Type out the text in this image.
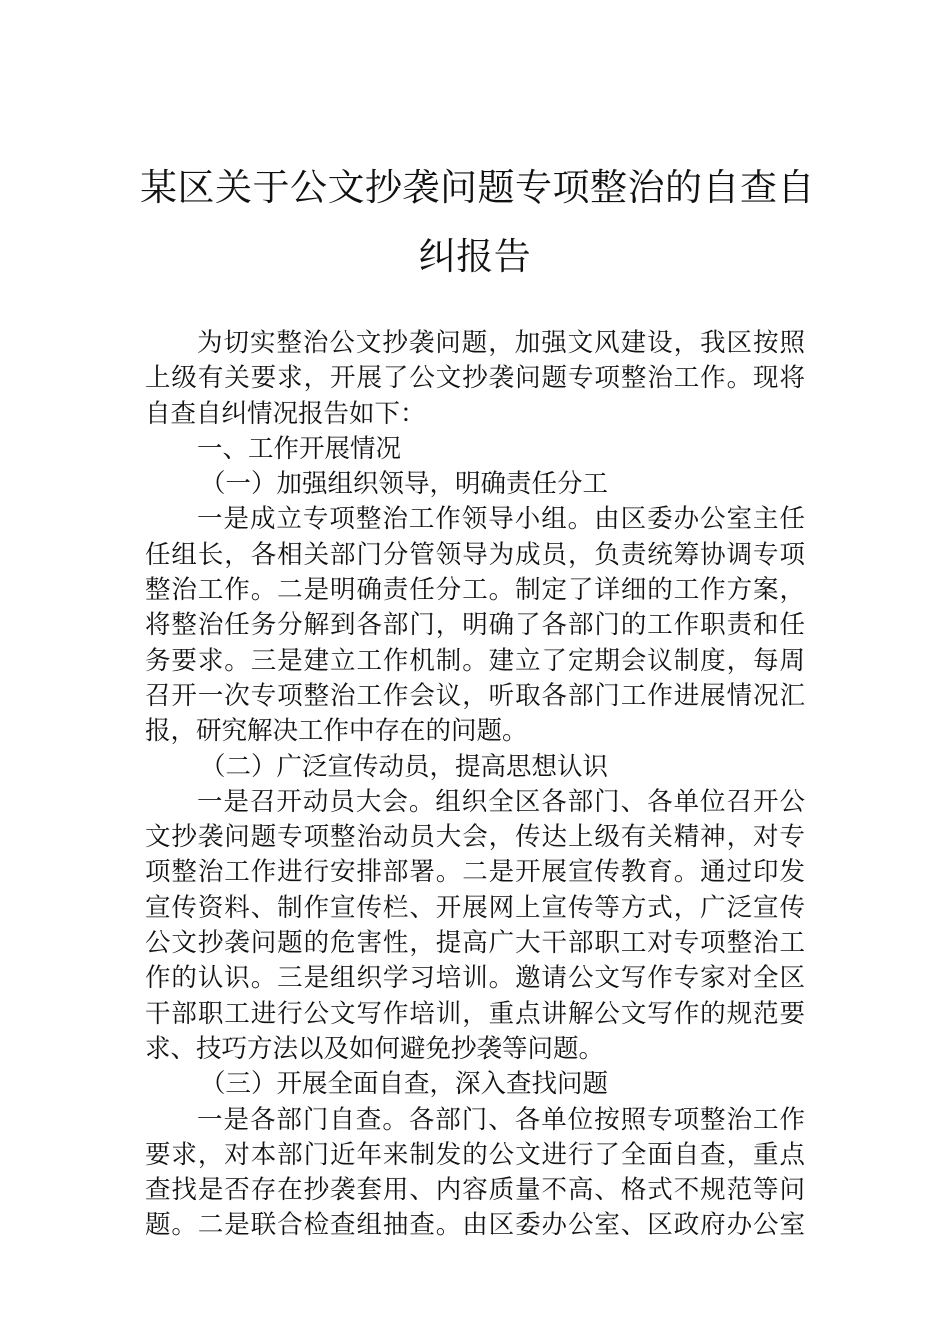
某区关于公文抄袭问题专项整治的自查自
纠报告
为切实整治公文抄袭问题，加强文风建设，我区按照
上级有关要求，开展了公文抄袭问题专项整治工作。现将
自查自纠情况报告如下：
一、工作开展情况
（一）加强组织领导，明确责任分工
一是成立专项整治工作领导小组。由区委办公室主任
任组长，各相关部门分管领导为成员，负责统筹协调专项
整治工作。二是明确责任分工。制定了详细的工作方案，
将整治任务分解到各部门，明确了各部门的工作职责和任
务要求。三是建立工作机制。建立了定期会议制度，每周
召开一次专项整治工作会议，听取各部门工作进展情况汇
报，研究解决工作中存在的问题。
（二）广泛宣传动员，提高思想认识
一是召开动员大会。组织全区各部门、各单位召开公
文抄袭问题专项整治动员大会，传达上级有关精神，对专
项整治工作进行安排部署。二是开展宣传教育。通过印发
宣传资料、制作宣传栏、开展网上宣传等方式，广泛宣传
公文抄袭问题的危害性，提高广大干部职工对专项整治工
作的认识。三是组织学习培训。邀请公文写作专家对全区
干部职工进行公文写作培训，重点讲解公文写作的规范要
求、技巧方法以及如何避免抄袭等问题。
（三）开展全面自查，深入查找问题
一是各部门自查。各部门、各单位按照专项整治工作
要求，对本部门近年来制发的公文进行了全面自查，重点
查找是否存在抄袭套用、内容质量不高、格式不规范等问
题。二是联合检查组抽查。由区委办公室、区政府办公室
